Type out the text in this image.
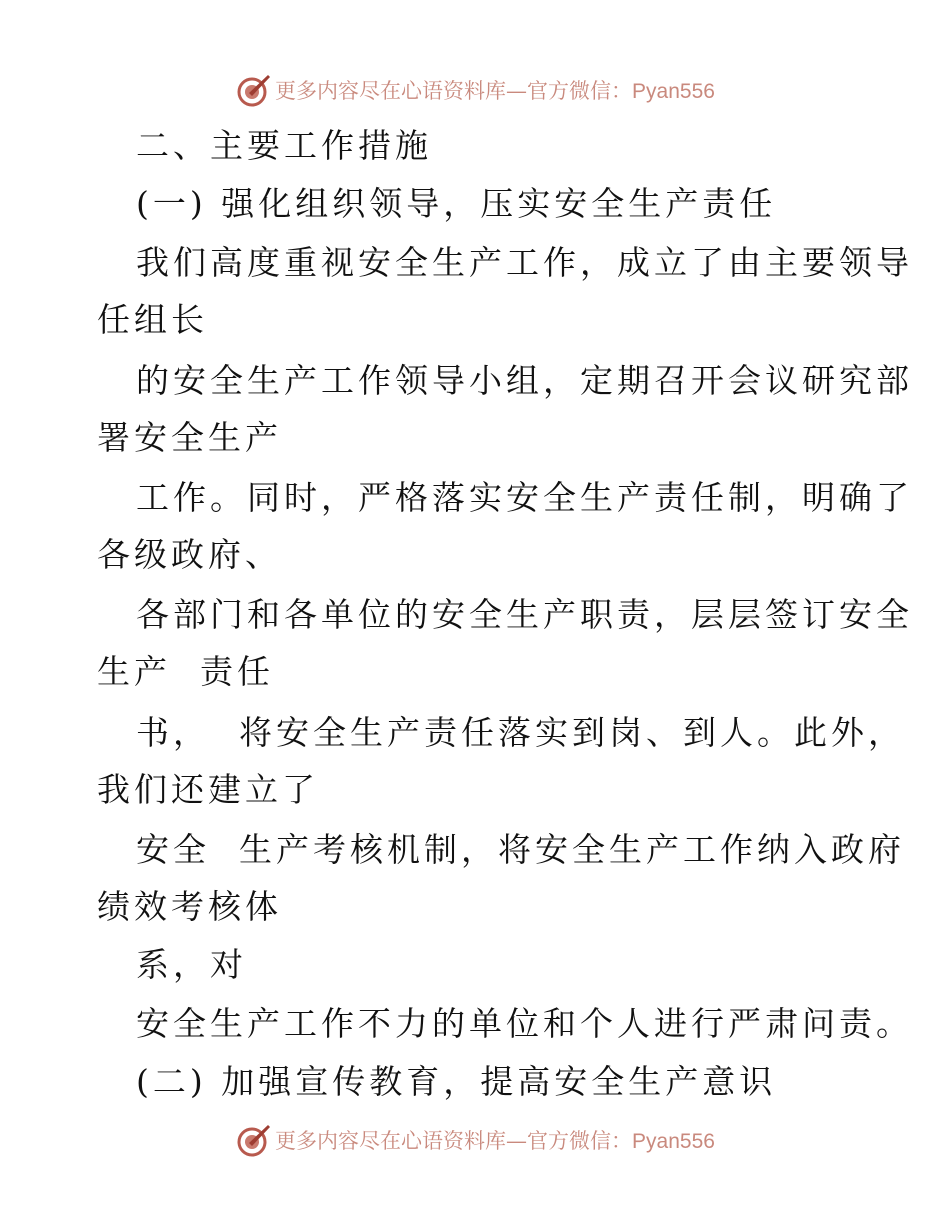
更多内容尽在心语资料库—官方微信：Pyan556
二、主要工作措施
(一) 强化组织领导，压实安全生产责任
我们高度重视安全生产工作，成立了由主要领导
任组长
的安全生产工作领导小组，定期召开会议研究部
署安全生产
工作。同时，严格落实安全生产责任制，明确了
各级政府、
各部门和各单位的安全生产职责，层层签订安全
生产  责任
书，  将安全生产责任落实到岗、到人。此外，
我们还建立了
安全  生产考核机制，将安全生产工作纳入政府
绩效考核体
系，对
安全生产工作不力的单位和个人进行严肃问责。
(二) 加强宣传教育，提高安全生产意识
更多内容尽在心语资料库—官方微信：Pyan556
